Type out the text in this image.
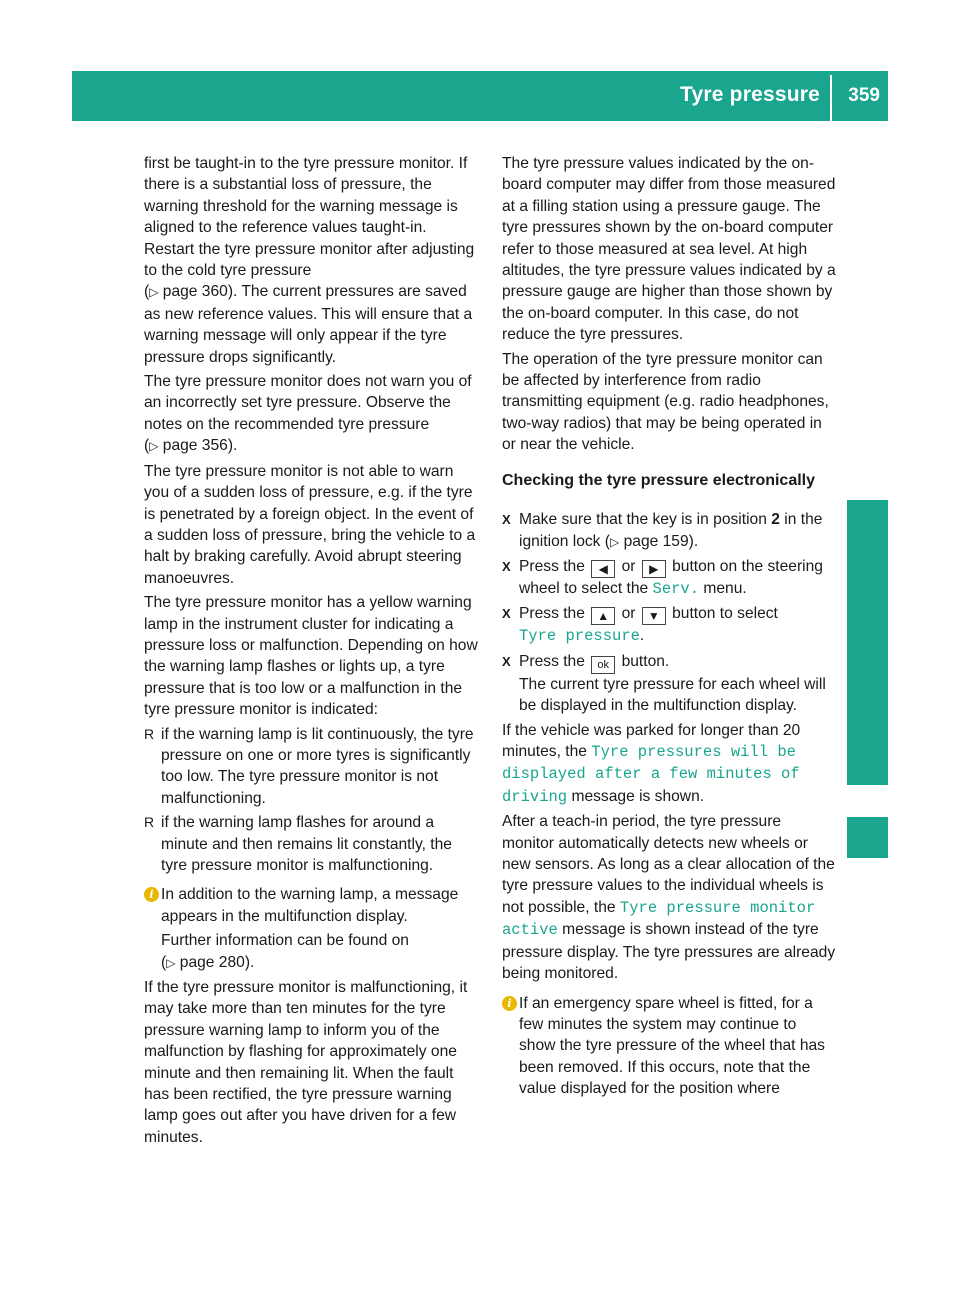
Tyre pressure 359
Wheels and tyres

first be taught-in to the tyre pressure monitor. If there is a substantial loss of pressure, the warning threshold for the warning message is aligned to the reference values taught-in. Restart the tyre pressure monitor after adjusting to the cold tyre pressure
(▷ page 360). The current pressures are saved as new reference values. This will ensure that a warning message will only appear if the tyre pressure drops significantly.

The tyre pressure monitor does not warn you of an incorrectly set tyre pressure. Observe the notes on the recommended tyre pressure
(▷ page 356).

The tyre pressure monitor is not able to warn you of a sudden loss of pressure, e.g. if the tyre is penetrated by a foreign object. In the event of a sudden loss of pressure, bring the vehicle to a halt by braking carefully. Avoid abrupt steering manoeuvres.

The tyre pressure monitor has a yellow warning lamp in the instrument cluster for indicating a pressure loss or malfunction. Depending on how the warning lamp flashes or lights up, a tyre pressure that is too low or a malfunction in the tyre pressure monitor is indicated:

R if the warning lamp is lit continuously, the tyre pressure on one or more tyres is significantly too low. The tyre pressure monitor is not malfunctioning.
R if the warning lamp flashes for around a minute and then remains lit constantly, the tyre pressure monitor is malfunctioning.
i In addition to the warning lamp, a message appears in the multifunction display.

Further information can be found on
(▷ page 280).

If the tyre pressure monitor is malfunctioning, it may take more than ten minutes for the tyre pressure warning lamp to inform you of the malfunction by flashing for approximately one minute and then remaining lit. When the fault has been rectified, the tyre pressure warning lamp goes out after you have driven for a few minutes.

The tyre pressure values indicated by the on-board computer may differ from those measured at a filling station using a pressure gauge. The tyre pressures shown by the on-board computer refer to those measured at sea level. At high altitudes, the tyre pressure values indicated by a pressure gauge are higher than those shown by the on-board computer. In this case, do not reduce the tyre pressures.

The operation of the tyre pressure monitor can be affected by interference from radio transmitting equipment (e.g. radio headphones, two-way radios) that may be being operated in or near the vehicle.

Checking the tyre pressure electronically

X Make sure that the key is in position 2 in the ignition lock (▷ page 159).
X Press the ◀ or ▶ button on the steering wheel to select the Serv. menu.
X Press the ▲ or ▼ button to select
Tyre pressure.
X Press the ok button.
The current tyre pressure for each wheel will be displayed in the multifunction display.

If the vehicle was parked for longer than 20 minutes, the Tyre pressures will be displayed after a few minutes of driving message is shown.

After a teach-in period, the tyre pressure monitor automatically detects new wheels or new sensors. As long as a clear allocation of the tyre pressure values to the individual wheels is not possible, the Tyre pressure monitor active message is shown instead of the tyre pressure display. The tyre pressures are already being monitored.

i If an emergency spare wheel is fitted, for a few minutes the system may continue to show the tyre pressure of the wheel that has been removed. If this occurs, note that the value displayed for the position where
